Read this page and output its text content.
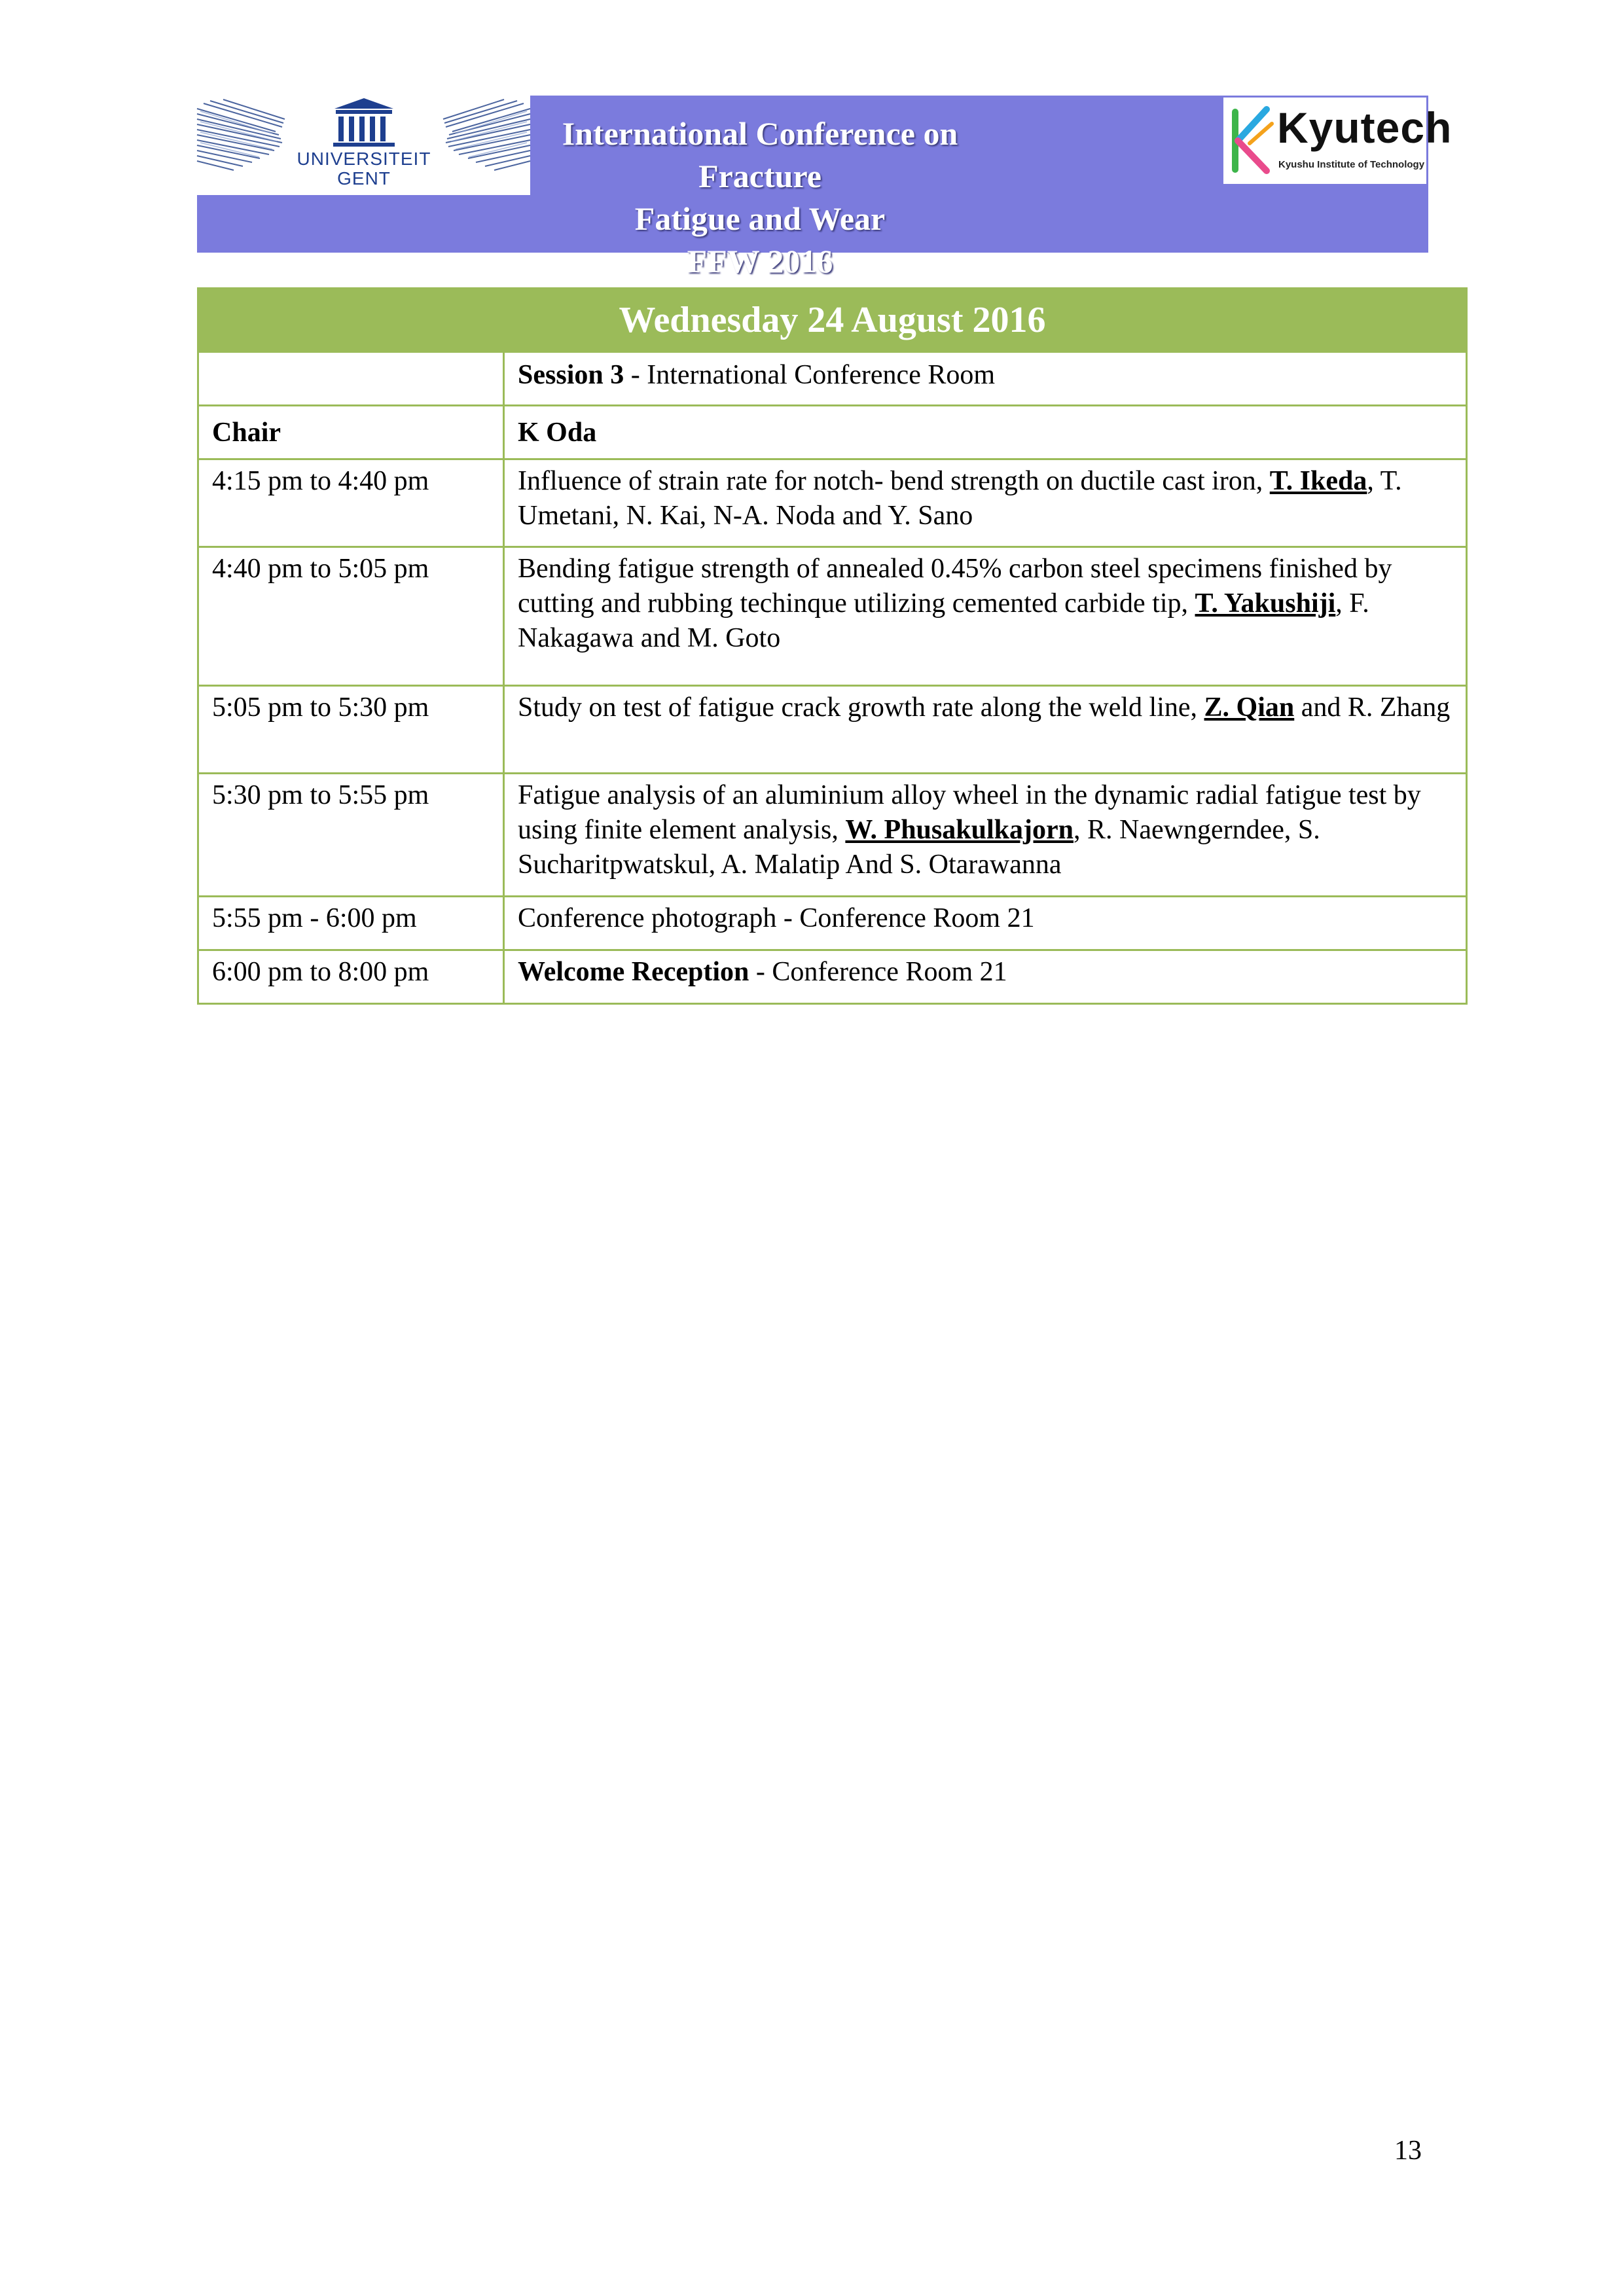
UNIVERSITEIT
GENT
International Conference on Fracture
Fatigue and Wear
FFW 2016
Kyutech
Kyushu Institute of Technology
Wednesday 24 August 2016	
	Session 3 - International Conference Room
Chair	K Oda
4:15 pm to 4:40 pm	Influence of strain rate for notch- bend strength on ductile cast iron, T. Ikeda, T. Umetani, N. Kai, N-A. Noda and Y. Sano
4:40 pm to 5:05 pm	Bending fatigue strength of annealed 0.45% carbon steel specimens finished by cutting and rubbing techinque utilizing cemented carbide tip, T. Yakushiji, F. Nakagawa and M. Goto
5:05 pm to 5:30 pm	Study on test of fatigue crack growth rate along the weld line, Z. Qian and R. Zhang
5:30 pm to 5:55 pm	Fatigue analysis of an aluminium alloy wheel in the dynamic radial fatigue test by using finite element analysis, W. Phusakulkajorn, R. Naewngerndee, S. Sucharitpwatskul, A. Malatip And S. Otarawanna
5:55 pm - 6:00 pm	Conference photograph - Conference Room 21
6:00 pm to 8:00 pm	Welcome Reception - Conference Room 21
13
